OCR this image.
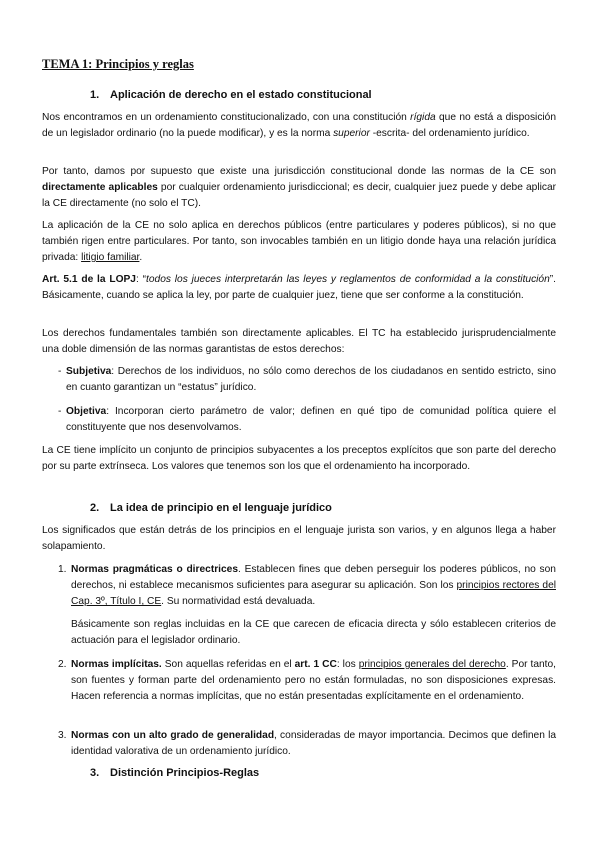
TEMA 1: Principios y reglas
1. Aplicación de derecho en el estado constitucional
Nos encontramos en un ordenamiento constitucionalizado, con una constitución rígida que no está a disposición de un legislador ordinario (no la puede modificar), y es la norma superior -escrita- del ordenamiento jurídico.
Por tanto, damos por supuesto que existe una jurisdicción constitucional donde las normas de la CE son directamente aplicables por cualquier ordenamiento jurisdiccional; es decir, cualquier juez puede y debe aplicar la CE directamente (no solo el TC).
La aplicación de la CE no solo aplica en derechos públicos (entre particulares y poderes públicos), si no que también rigen entre particulares. Por tanto, son invocables también en un litigio donde haya una relación jurídica privada: litigio familiar.
Art. 5.1 de la LOPJ: “todos los jueces interpretarán las leyes y reglamentos de conformidad a la constitución”. Básicamente, cuando se aplica la ley, por parte de cualquier juez, tiene que ser conforme a la constitución.
Los derechos fundamentales también son directamente aplicables. El TC ha establecido jurisprudencialmente una doble dimensión de las normas garantistas de estos derechos:
- Subjetiva: Derechos de los individuos, no sólo como derechos de los ciudadanos en sentido estricto, sino en cuanto garantizan un “estatus” jurídico.
- Objetiva: Incorporan cierto parámetro de valor; definen en qué tipo de comunidad política quiere el constituyente que nos desenvolvamos.
La CE tiene implícito un conjunto de principios subyacentes a los preceptos explícitos que son parte del derecho por su parte extrínseca. Los valores que tenemos son los que el ordenamiento ha incorporado.
2. La idea de principio en el lenguaje jurídico
Los significados que están detrás de los principios en el lenguaje jurista son varios, y en algunos llega a haber solapamiento.
1. Normas pragmáticas o directrices. Establecen fines que deben perseguir los poderes públicos, no son derechos, ni establece mecanismos suficientes para asegurar su aplicación. Son los principios rectores del Cap. 3º, Título I, CE. Su normatividad está devaluada.
Básicamente son reglas incluidas en la CE que carecen de eficacia directa y sólo establecen criterios de actuación para el legislador ordinario.
2. Normas implícitas. Son aquellas referidas en el art. 1 CC: los principios generales del derecho. Por tanto, son fuentes y forman parte del ordenamiento pero no están formuladas, no son disposiciones expresas. Hacen referencia a normas implícitas, que no están presentadas explícitamente en el ordenamiento.
3. Normas con un alto grado de generalidad, consideradas de mayor importancia. Decimos que definen la identidad valorativa de un ordenamiento jurídico.
3. Distinción Principios-Reglas
